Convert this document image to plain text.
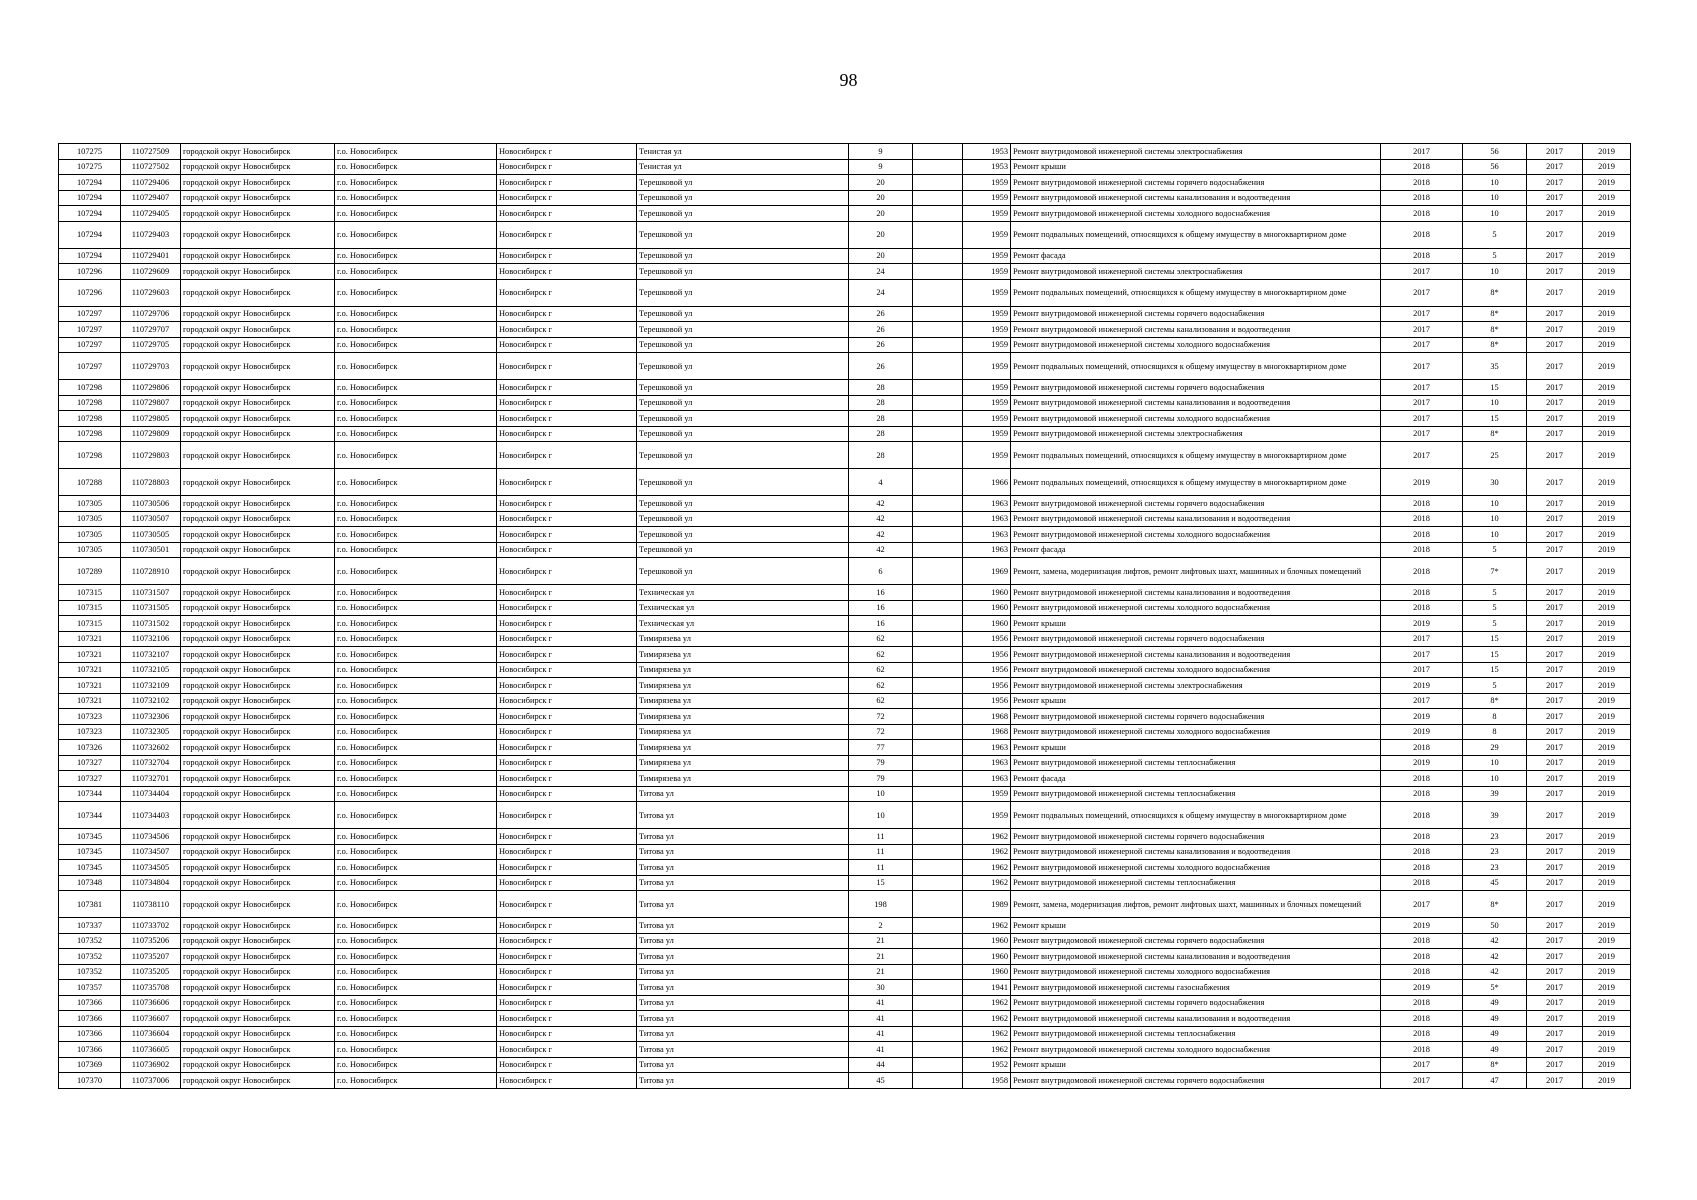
98
107275	110727509	городской округ Новосибирск	г.о. Новосибирск	Новосибирск г	Тенистая ул	9		1953	Ремонт внутридомовой инженерной системы электроснабжения	2017	56	2017	2019
107275	110727502	городской округ Новосибирск	г.о. Новосибирск	Новосибирск г	Тенистая ул	9		1953	Ремонт крыши	2018	56	2017	2019
107294	110729406	городской округ Новосибирск	г.о. Новосибирск	Новосибирск г	Терешковой ул	20		1959	Ремонт внутридомовой инженерной системы горячего водоснабжения	2018	10	2017	2019
107294	110729407	городской округ Новосибирск	г.о. Новосибирск	Новосибирск г	Терешковой ул	20		1959	Ремонт внутридомовой инженерной системы канализования и водоотведения	2018	10	2017	2019
107294	110729405	городской округ Новосибирск	г.о. Новосибирск	Новосибирск г	Терешковой ул	20		1959	Ремонт внутридомовой инженерной системы холодного водоснабжения	2018	10	2017	2019
107294	110729403	городской округ Новосибирск	г.о. Новосибирск	Новосибирск г	Терешковой ул	20		1959	Ремонт подвальных помещений, относящихся к общему имуществу в многоквартирном доме	2018	5	2017	2019
107294	110729401	городской округ Новосибирск	г.о. Новосибирск	Новосибирск г	Терешковой ул	20		1959	Ремонт фасада	2018	5	2017	2019
107296	110729609	городской округ Новосибирск	г.о. Новосибирск	Новосибирск г	Терешковой ул	24		1959	Ремонт внутридомовой инженерной системы электроснабжения	2017	10	2017	2019
107296	110729603	городской округ Новосибирск	г.о. Новосибирск	Новосибирск г	Терешковой ул	24		1959	Ремонт подвальных помещений, относящихся к общему имуществу в многоквартирном доме	2017	8*	2017	2019
107297	110729706	городской округ Новосибирск	г.о. Новосибирск	Новосибирск г	Терешковой ул	26		1959	Ремонт внутридомовой инженерной системы горячего водоснабжения	2017	8*	2017	2019
107297	110729707	городской округ Новосибирск	г.о. Новосибирск	Новосибирск г	Терешковой ул	26		1959	Ремонт внутридомовой инженерной системы канализования и водоотведения	2017	8*	2017	2019
107297	110729705	городской округ Новосибирск	г.о. Новосибирск	Новосибирск г	Терешковой ул	26		1959	Ремонт внутридомовой инженерной системы холодного водоснабжения	2017	8*	2017	2019
107297	110729703	городской округ Новосибирск	г.о. Новосибирск	Новосибирск г	Терешковой ул	26		1959	Ремонт подвальных помещений, относящихся к общему имуществу в многоквартирном доме	2017	35	2017	2019
107298	110729806	городской округ Новосибирск	г.о. Новосибирск	Новосибирск г	Терешковой ул	28		1959	Ремонт внутридомовой инженерной системы горячего водоснабжения	2017	15	2017	2019
107298	110729807	городской округ Новосибирск	г.о. Новосибирск	Новосибирск г	Терешковой ул	28		1959	Ремонт внутридомовой инженерной системы канализования и водоотведения	2017	10	2017	2019
107298	110729805	городской округ Новосибирск	г.о. Новосибирск	Новосибирск г	Терешковой ул	28		1959	Ремонт внутридомовой инженерной системы холодного водоснабжения	2017	15	2017	2019
107298	110729809	городской округ Новосибирск	г.о. Новосибирск	Новосибирск г	Терешковой ул	28		1959	Ремонт внутридомовой инженерной системы электроснабжения	2017	8*	2017	2019
107298	110729803	городской округ Новосибирск	г.о. Новосибирск	Новосибирск г	Терешковой ул	28		1959	Ремонт подвальных помещений, относящихся к общему имуществу в многоквартирном доме	2017	25	2017	2019
107288	110728803	городской округ Новосибирск	г.о. Новосибирск	Новосибирск г	Терешковой ул	4		1966	Ремонт подвальных помещений, относящихся к общему имуществу в многоквартирном доме	2019	30	2017	2019
107305	110730506	городской округ Новосибирск	г.о. Новосибирск	Новосибирск г	Терешковой ул	42		1963	Ремонт внутридомовой инженерной системы горячего водоснабжения	2018	10	2017	2019
107305	110730507	городской округ Новосибирск	г.о. Новосибирск	Новосибирск г	Терешковой ул	42		1963	Ремонт внутридомовой инженерной системы канализования и водоотведения	2018	10	2017	2019
107305	110730505	городской округ Новосибирск	г.о. Новосибирск	Новосибирск г	Терешковой ул	42		1963	Ремонт внутридомовой инженерной системы холодного водоснабжения	2018	10	2017	2019
107305	110730501	городской округ Новосибирск	г.о. Новосибирск	Новосибирск г	Терешковой ул	42		1963	Ремонт фасада	2018	5	2017	2019
107289	110728910	городской округ Новосибирск	г.о. Новосибирск	Новосибирск г	Терешковой ул	6		1969	Ремонт, замена, модернизация лифтов, ремонт лифтовых шахт, машинных и блочных помещений	2018	7*	2017	2019
107315	110731507	городской округ Новосибирск	г.о. Новосибирск	Новосибирск г	Техническая ул	16		1960	Ремонт внутридомовой инженерной системы канализования и водоотведения	2018	5	2017	2019
107315	110731505	городской округ Новосибирск	г.о. Новосибирск	Новосибирск г	Техническая ул	16		1960	Ремонт внутридомовой инженерной системы холодного водоснабжения	2018	5	2017	2019
107315	110731502	городской округ Новосибирск	г.о. Новосибирск	Новосибирск г	Техническая ул	16		1960	Ремонт крыши	2019	5	2017	2019
107321	110732106	городской округ Новосибирск	г.о. Новосибирск	Новосибирск г	Тимирязева ул	62		1956	Ремонт внутридомовой инженерной системы горячего водоснабжения	2017	15	2017	2019
107321	110732107	городской округ Новосибирск	г.о. Новосибирск	Новосибирск г	Тимирязева ул	62		1956	Ремонт внутридомовой инженерной системы канализования и водоотведения	2017	15	2017	2019
107321	110732105	городской округ Новосибирск	г.о. Новосибирск	Новосибирск г	Тимирязева ул	62		1956	Ремонт внутридомовой инженерной системы холодного водоснабжения	2017	15	2017	2019
107321	110732109	городской округ Новосибирск	г.о. Новосибирск	Новосибирск г	Тимирязева ул	62		1956	Ремонт внутридомовой инженерной системы электроснабжения	2019	5	2017	2019
107321	110732102	городской округ Новосибирск	г.о. Новосибирск	Новосибирск г	Тимирязева ул	62		1956	Ремонт крыши	2017	8*	2017	2019
107323	110732306	городской округ Новосибирск	г.о. Новосибирск	Новосибирск г	Тимирязева ул	72		1968	Ремонт внутридомовой инженерной системы горячего водоснабжения	2019	8	2017	2019
107323	110732305	городской округ Новосибирск	г.о. Новосибирск	Новосибирск г	Тимирязева ул	72		1968	Ремонт внутридомовой инженерной системы холодного водоснабжения	2019	8	2017	2019
107326	110732602	городской округ Новосибирск	г.о. Новосибирск	Новосибирск г	Тимирязева ул	77		1963	Ремонт крыши	2018	29	2017	2019
107327	110732704	городской округ Новосибирск	г.о. Новосибирск	Новосибирск г	Тимирязева ул	79		1963	Ремонт внутридомовой инженерной системы теплоснабжения	2019	10	2017	2019
107327	110732701	городской округ Новосибирск	г.о. Новосибирск	Новосибирск г	Тимирязева ул	79		1963	Ремонт фасада	2018	10	2017	2019
107344	110734404	городской округ Новосибирск	г.о. Новосибирск	Новосибирск г	Титова ул	10		1959	Ремонт внутридомовой инженерной системы теплоснабжения	2018	39	2017	2019
107344	110734403	городской округ Новосибирск	г.о. Новосибирск	Новосибирск г	Титова ул	10		1959	Ремонт подвальных помещений, относящихся к общему имуществу в многоквартирном доме	2018	39	2017	2019
107345	110734506	городской округ Новосибирск	г.о. Новосибирск	Новосибирск г	Титова ул	11		1962	Ремонт внутридомовой инженерной системы горячего водоснабжения	2018	23	2017	2019
107345	110734507	городской округ Новосибирск	г.о. Новосибирск	Новосибирск г	Титова ул	11		1962	Ремонт внутридомовой инженерной системы канализования и водоотведения	2018	23	2017	2019
107345	110734505	городской округ Новосибирск	г.о. Новосибирск	Новосибирск г	Титова ул	11		1962	Ремонт внутридомовой инженерной системы холодного водоснабжения	2018	23	2017	2019
107348	110734804	городской округ Новосибирск	г.о. Новосибирск	Новосибирск г	Титова ул	15		1962	Ремонт внутридомовой инженерной системы теплоснабжения	2018	45	2017	2019
107381	110738110	городской округ Новосибирск	г.о. Новосибирск	Новосибирск г	Титова ул	198		1989	Ремонт, замена, модернизация лифтов, ремонт лифтовых шахт, машинных и блочных помещений	2017	8*	2017	2019
107337	110733702	городской округ Новосибирск	г.о. Новосибирск	Новосибирск г	Титова ул	2		1962	Ремонт крыши	2019	50	2017	2019
107352	110735206	городской округ Новосибирск	г.о. Новосибирск	Новосибирск г	Титова ул	21		1960	Ремонт внутридомовой инженерной системы горячего водоснабжения	2018	42	2017	2019
107352	110735207	городской округ Новосибирск	г.о. Новосибирск	Новосибирск г	Титова ул	21		1960	Ремонт внутридомовой инженерной системы канализования и водоотведения	2018	42	2017	2019
107352	110735205	городской округ Новосибирск	г.о. Новосибирск	Новосибирск г	Титова ул	21		1960	Ремонт внутридомовой инженерной системы холодного водоснабжения	2018	42	2017	2019
107357	110735708	городской округ Новосибирск	г.о. Новосибирск	Новосибирск г	Титова ул	30		1941	Ремонт внутридомовой инженерной системы газоснабжения	2019	5*	2017	2019
107366	110736606	городской округ Новосибирск	г.о. Новосибирск	Новосибирск г	Титова ул	41		1962	Ремонт внутридомовой инженерной системы горячего водоснабжения	2018	49	2017	2019
107366	110736607	городской округ Новосибирск	г.о. Новосибирск	Новосибирск г	Титова ул	41		1962	Ремонт внутридомовой инженерной системы канализования и водоотведения	2018	49	2017	2019
107366	110736604	городской округ Новосибирск	г.о. Новосибирск	Новосибирск г	Титова ул	41		1962	Ремонт внутридомовой инженерной системы теплоснабжения	2018	49	2017	2019
107366	110736605	городской округ Новосибирск	г.о. Новосибирск	Новосибирск г	Титова ул	41		1962	Ремонт внутридомовой инженерной системы холодного водоснабжения	2018	49	2017	2019
107369	110736902	городской округ Новосибирск	г.о. Новосибирск	Новосибирск г	Титова ул	44		1952	Ремонт крыши	2017	8*	2017	2019
107370	110737006	городской округ Новосибирск	г.о. Новосибирск	Новосибирск г	Титова ул	45		1958	Ремонт внутридомовой инженерной системы горячего водоснабжения	2017	47	2017	2019
